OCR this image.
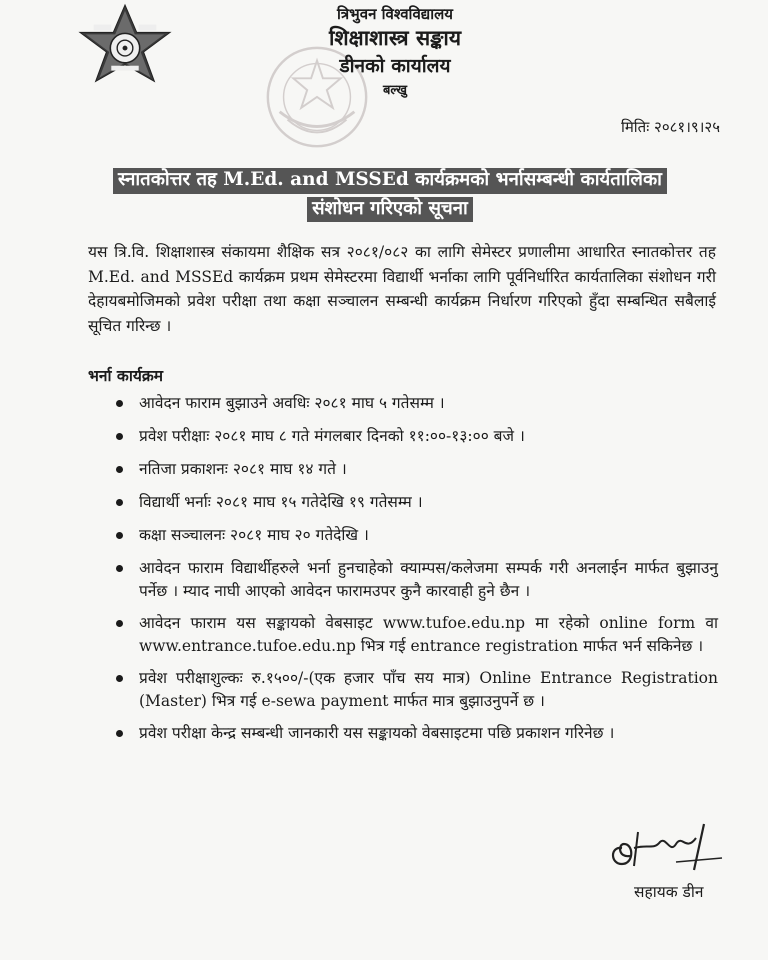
त्रिभुवन विश्वविद्यालय
शिक्षाशास्त्र सङ्काय
डीनको कार्यालय
बल्खु
मितिः २०८१।९।२५
स्नातकोत्तर तह M.Ed. and MSSEd कार्यक्रमको भर्नासम्बन्धी कार्यतालिका
संशोधन गरिएको सूचना
यस त्रि.वि. शिक्षाशास्त्र संकायमा शैक्षिक सत्र २०८१/०८२ का लागि सेमेस्टर प्रणालीमा आधारित स्नातकोत्तर तह M.Ed. and MSSEd कार्यक्रम प्रथम सेमेस्टरमा विद्यार्थी भर्नाका लागि पूर्वनिर्धारित कार्यतालिका संशोधन गरी देहायबमोजिमको प्रवेश परीक्षा तथा कक्षा सञ्चालन सम्बन्धी कार्यक्रम निर्धारण गरिएको हुँदा सम्बन्धित सबैलाई सूचित गरिन्छ ।
भर्ना कार्यक्रम
आवेदन फाराम बुझाउने अवधिः २०८१ माघ ५ गतेसम्म ।
प्रवेश परीक्षाः २०८१ माघ ८ गते मंगलबार दिनको ११:००-१३:०० बजे ।
नतिजा प्रकाशनः २०८१ माघ १४ गते ।
विद्यार्थी भर्नाः २०८१ माघ १५ गतेदेखि १९ गतेसम्म ।
कक्षा सञ्चालनः २०८१ माघ २० गतेदेखि ।
आवेदन फाराम विद्यार्थीहरुले भर्ना हुनचाहेको क्याम्पस/कलेजमा सम्पर्क गरी अनलाईन मार्फत बुझाउनु पर्नेछ । म्याद नाघी आएको आवेदन फारामउपर कुनै कारवाही हुने छैन ।
आवेदन फाराम यस सङ्कायको वेबसाइट www.tufoe.edu.np मा रहेको online form वा www.entrance.tufoe.edu.np भित्र गई entrance registration मार्फत भर्न सकिनेछ ।
प्रवेश परीक्षाशुल्कः रु.१५००/-(एक हजार पाँच सय मात्र) Online Entrance Registration (Master) भित्र गई e-sewa payment मार्फत मात्र बुझाउनुपर्ने छ ।
प्रवेश परीक्षा केन्द्र सम्बन्धी जानकारी यस सङ्कायको वेबसाइटमा पछि प्रकाशन गरिनेछ ।
सहायक डीन
